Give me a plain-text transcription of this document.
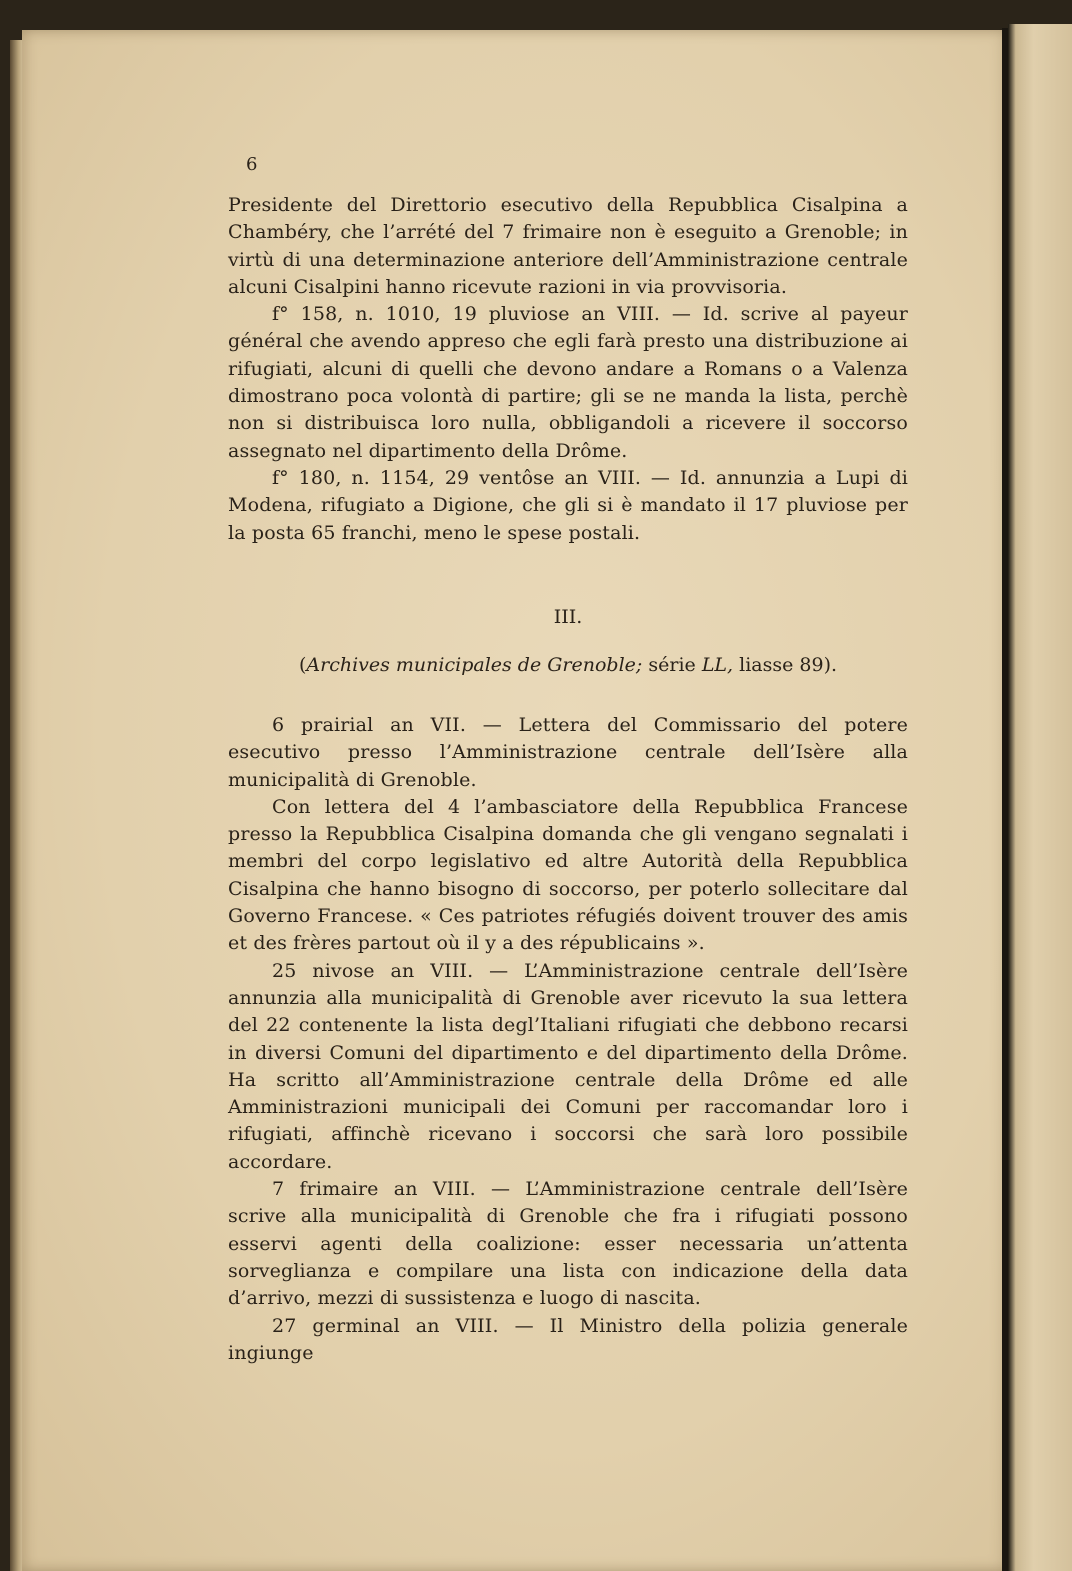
6

Presidente del Direttorio esecutivo della Repubblica Cisalpina a Chambéry, che l’arrété del 7 frimaire non è eseguito a Grenoble; in virtù di una determinazione anteriore dell’Amministrazione centrale alcuni Cisalpini hanno ricevute razioni in via provvisoria.

f° 158, n. 1010, 19 pluviose an VIII. — Id. scrive al payeur général che avendo appreso che egli farà presto una distribuzione ai rifugiati, alcuni di quelli che devono andare a Romans o a Valenza dimostrano poca volontà di partire; gli se ne manda la lista, perchè non si distribuisca loro nulla, obbligandoli a ricevere il soccorso assegnato nel dipartimento della Drôme.

f° 180, n. 1154, 29 ventôse an VIII. — Id. annunzia a Lupi di Modena, rifugiato a Digione, che gli si è mandato il 17 pluviose per la posta 65 franchi, meno le spese postali.

III.
(Archives municipales de Grenoble; série LL, liasse 89).

6 prairial an VII. — Lettera del Commissario del potere esecutivo presso l’Amministrazione centrale dell’Isère alla municipalità di Grenoble.

Con lettera del 4 l’ambasciatore della Repubblica Francese presso la Repubblica Cisalpina domanda che gli vengano segnalati i membri del corpo legislativo ed altre Autorità della Repubblica Cisalpina che hanno bisogno di soccorso, per poterlo sollecitare dal Governo Francese. « Ces patriotes réfugiés doivent trouver des amis et des frères partout où il y a des républicains ».

25 nivose an VIII. — L’Amministrazione centrale dell’Isère annunzia alla municipalità di Grenoble aver ricevuto la sua lettera del 22 contenente la lista degl’Italiani rifugiati che debbono recarsi in diversi Comuni del dipartimento e del dipartimento della Drôme. Ha scritto all’Amministrazione centrale della Drôme ed alle Amministrazioni municipali dei Comuni per raccomandar loro i rifugiati, affinchè ricevano i soccorsi che sarà loro possibile accordare.

7 frimaire an VIII. — L’Amministrazione centrale dell’Isère scrive alla municipalità di Grenoble che fra i rifugiati possono esservi agenti della coalizione: esser necessaria un’attenta sorveglianza e compilare una lista con indicazione della data d’arrivo, mezzi di sussistenza e luogo di nascita.

27 germinal an VIII. — Il Ministro della polizia generale ingiunge
